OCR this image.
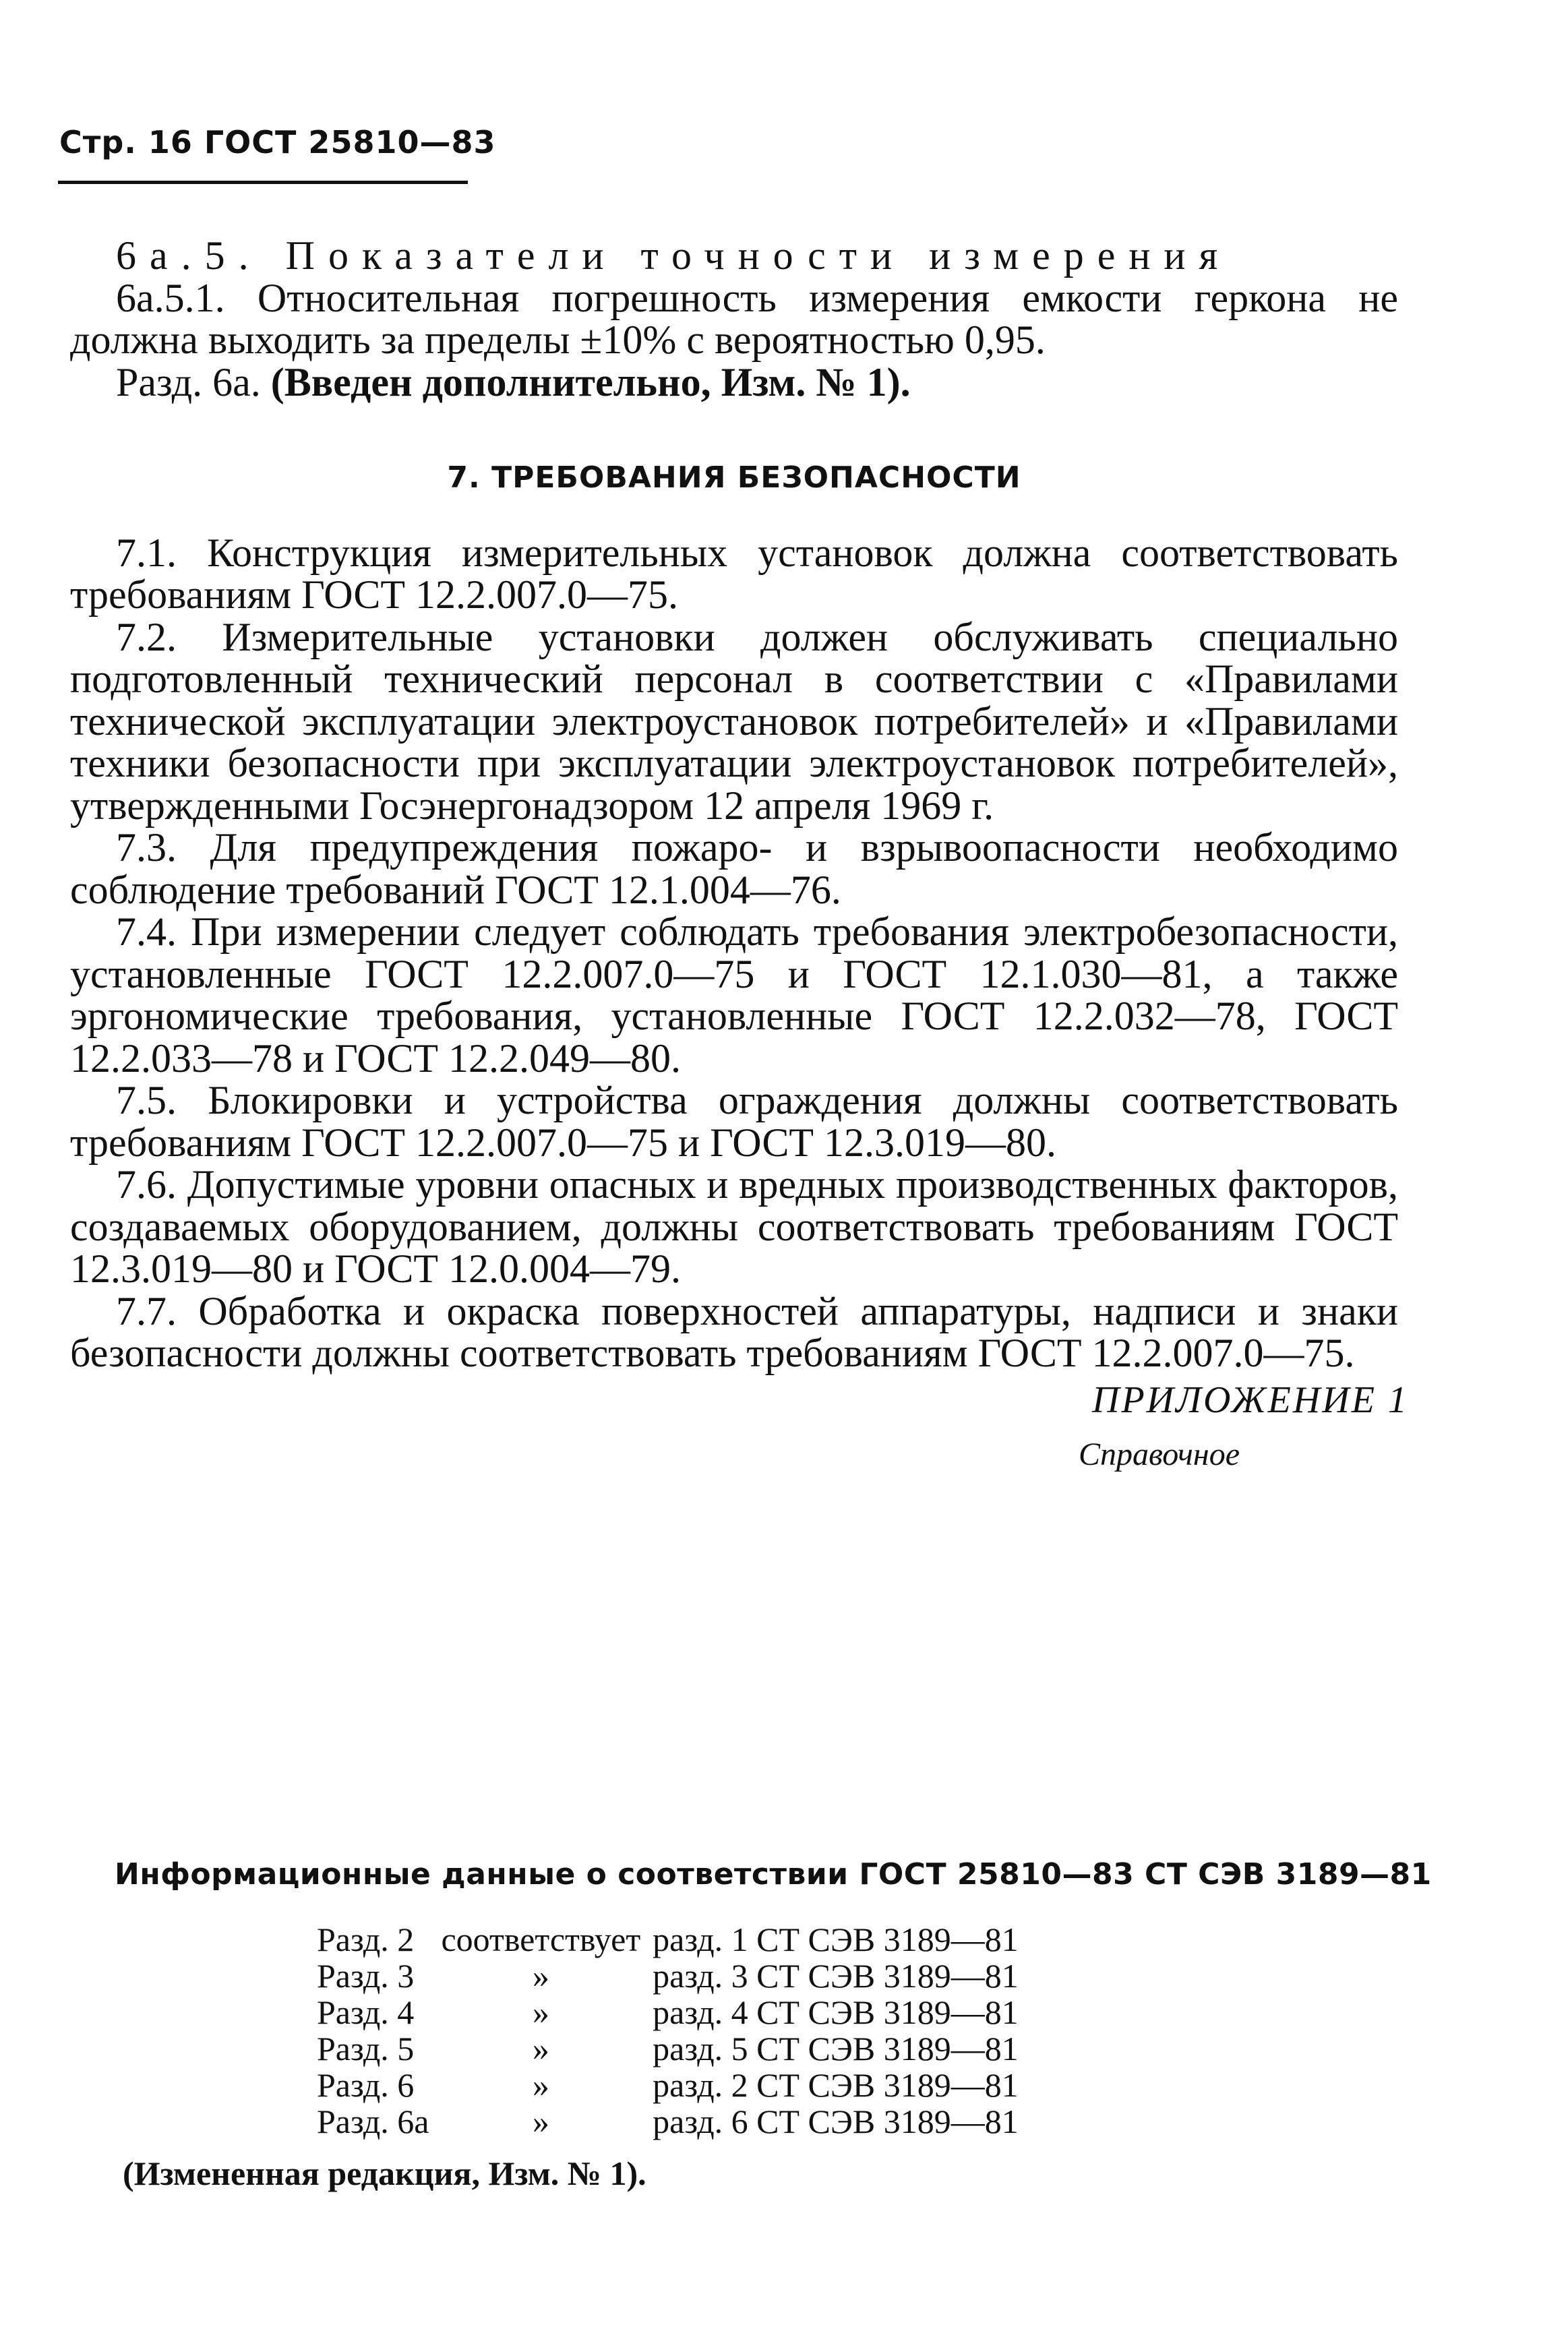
Стр. 16 ГОСТ 25810—83

6а.5. Показатели точности измерения

6а.5.1. Относительная погрешность измерения емкости геркона не должна выходить за пределы ±10% с вероятностью 0,95.

Разд. 6а. (Введен дополнительно, Изм. № 1).

7. ТРЕБОВАНИЯ БЕЗОПАСНОСТИ

7.1. Конструкция измерительных установок должна соответствовать требованиям ГОСТ 12.2.007.0—75.

7.2. Измерительные установки должен обслуживать специально подготовленный технический персонал в соответствии с «Правилами технической эксплуатации электроустановок потребителей» и «Правилами техники безопасности при эксплуатации электроустановок потребителей», утвержденными Госэнергонадзором 12 апреля 1969 г.

7.3. Для предупреждения пожаро- и взрывоопасности необходимо соблюдение требований ГОСТ 12.1.004—76.

7.4. При измерении следует соблюдать требования электробезопасности, установленные ГОСТ 12.2.007.0—75 и ГОСТ 12.1.030—81, а также эргономические требования, установленные ГОСТ 12.2.032—78, ГОСТ 12.2.033—78 и ГОСТ 12.2.049—80.

7.5. Блокировки и устройства ограждения должны соответствовать требованиям ГОСТ 12.2.007.0—75 и ГОСТ 12.3.019—80.

7.6. Допустимые уровни опасных и вредных производственных факторов, создаваемых оборудованием, должны соответствовать требованиям ГОСТ 12.3.019—80 и ГОСТ 12.0.004—79.

7.7. Обработка и окраска поверхностей аппаратуры, надписи и знаки безопасности должны соответствовать требованиям ГОСТ 12.2.007.0—75.

ПРИЛОЖЕНИЕ 1
Справочное
Информационные данные о соответствии ГОСТ 25810—83 СТ СЭВ 3189—81
Разд. 2	соответствует	разд. 1 СТ СЭВ 3189—81
Разд. 3	»	разд. 3 СТ СЭВ 3189—81
Разд. 4	»	разд. 4 СТ СЭВ 3189—81
Разд. 5	»	разд. 5 СТ СЭВ 3189—81
Разд. 6	»	разд. 2 СТ СЭВ 3189—81
Разд. 6а	»	разд. 6 СТ СЭВ 3189—81
(Измененная редакция, Изм. № 1).
